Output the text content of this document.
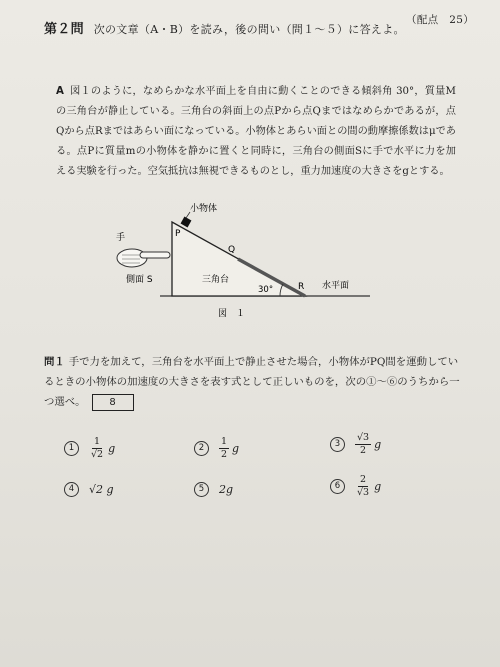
第２問 次の文章（A・B）を読み，後の問い（問１～５）に答えよ。
（配点　25）
A 図１のように，なめらかな水平面上を自由に動くことのできる傾斜角 30°，質量Mの三角台が静止している。三角台の斜面上の点Pから点Qまではなめらかであるが，点Qから点Rまではあらい面になっている。小物体とあらい面との間の動摩擦係数はμである。点Pに質量mの小物体を静かに置くと同時に，三角台の側面Sに手で水平に力を加える実験を行った。空気抵抗は無視できるものとし，重力加速度の大きさをgとする。
小物体
P
Q
R
手
側面 S	三角台
30°	水平面
図　１
問１ 手で力を加えて，三角台を水平面上で静止させた場合，小物体がPQ間を運動しているときの小物体の加速度の大きさを表す式として正しいものを，次の①～⑥のうちから一つ選べ。 8
1	$\frac{1}{√2}$ g	2	$\frac{1}{2}$ g	3	$\frac{√3}{2}$ g
4	√2 g	5	2g	6	$\frac{2}{√3}$ g
